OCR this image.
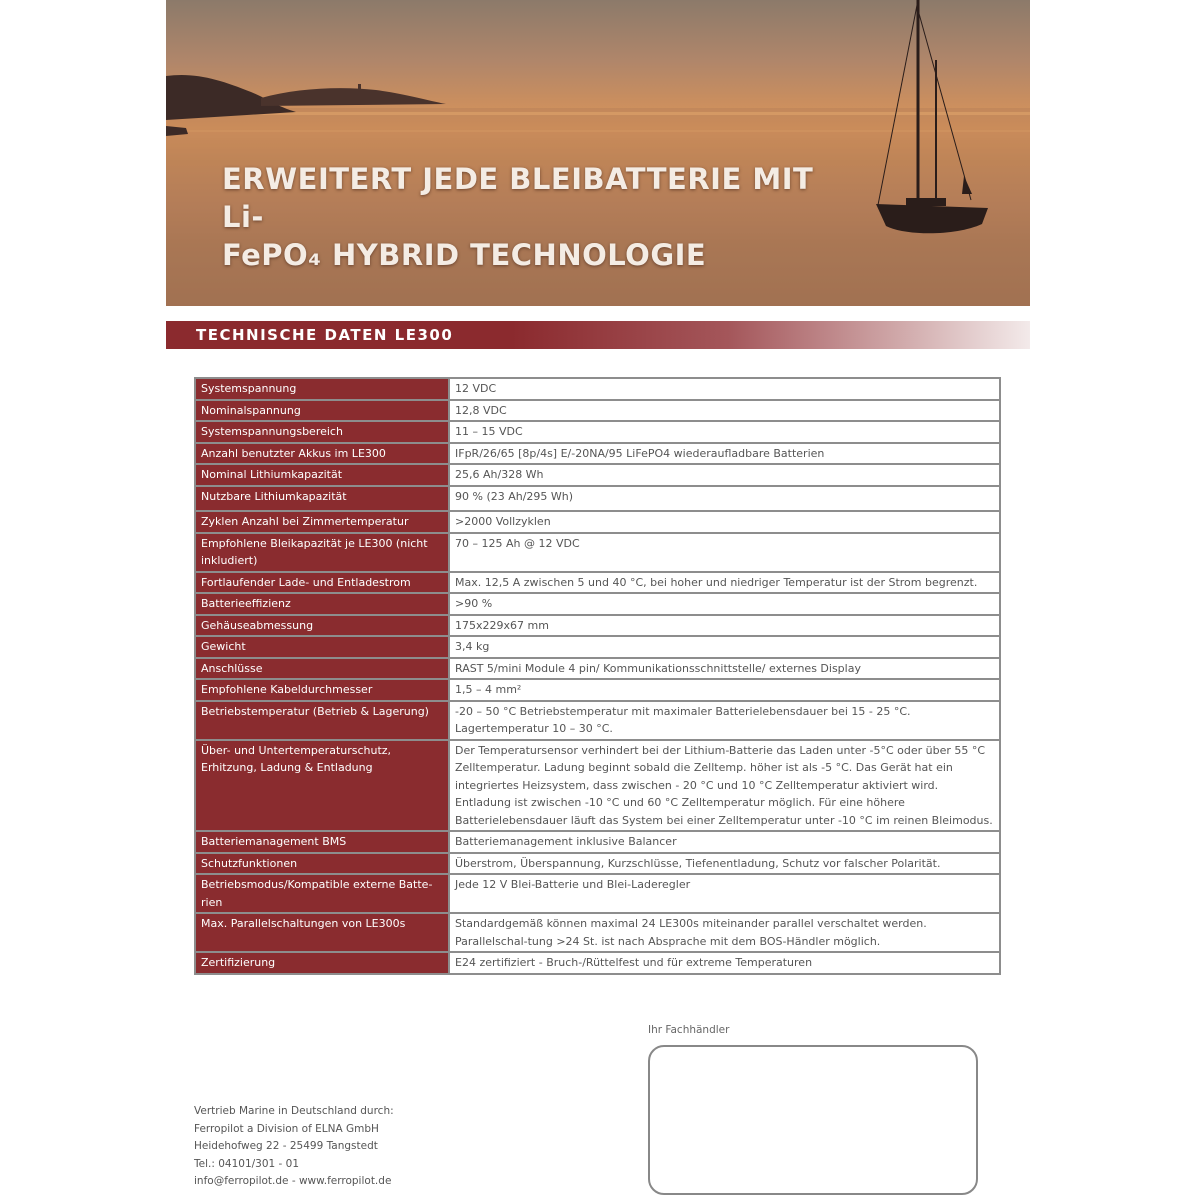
ERWEITERT JEDE BLEIBATTERIE MIT Li-
FePO₄ HYBRID TECHNOLOGIE
TECHNISCHE DATEN LE300
Systemspannung	12 VDC
Nominalspannung	12,8 VDC
Systemspannungsbereich	11 – 15 VDC
Anzahl benutzter Akkus im LE300	IFpR/26/65 [8p/4s] E/-20NA/95 LiFePO4 wiederaufladbare Batterien
Nominal Lithiumkapazität	25,6 Ah/328 Wh
Nutzbare Lithiumkapazität	90 % (23 Ah/295 Wh)
Zyklen Anzahl bei Zimmertemperatur	>2000 Vollzyklen
Empfohlene Bleikapazität je LE300 (nicht inkludiert)	70 – 125 Ah @ 12 VDC
Fortlaufender Lade- und Entladestrom	Max. 12,5 A zwischen 5 und 40 °C, bei hoher und niedriger Temperatur ist der Strom begrenzt.
Batterieeffizienz	>90 %
Gehäuseabmessung	175x229x67 mm
Gewicht	3,4 kg
Anschlüsse	RAST 5/mini Module 4 pin/ Kommunikationsschnittstelle/ externes Display
Empfohlene Kabeldurchmesser	1,5 – 4 mm²
Betriebstemperatur (Betrieb & Lagerung)	-20 – 50 °C Betriebstemperatur mit maximaler Batterielebensdauer bei 15 - 25 °C. Lagertemperatur 10 – 30 °C.
Über- und Untertemperaturschutz, Erhitzung, Ladung & Entladung	Der Temperatursensor verhindert bei der Lithium-Batterie das Laden unter -5°C oder über 55 °C Zelltemperatur. Ladung beginnt sobald die Zelltemp. höher ist als -5 °C. Das Gerät hat ein integriertes Heizsystem, dass zwischen - 20 °C und 10 °C Zelltemperatur aktiviert wird. Entladung ist zwischen -10 °C und 60 °C Zelltemperatur möglich. Für eine höhere Batterielebensdauer läuft das System bei einer Zelltemperatur unter -10 °C im reinen Bleimodus.
Batteriemanagement BMS	Batteriemanagement inklusive Balancer
Schutzfunktionen	Überstrom, Überspannung, Kurzschlüsse, Tiefenentladung, Schutz vor falscher Polarität.
Betriebsmodus/Kompatible externe Batte-rien	Jede 12 V Blei-Batterie und Blei-Laderegler
Max. Parallelschaltungen von LE300s	Standardgemäß können maximal 24 LE300s miteinander parallel verschaltet werden. Parallelschal-tung >24 St. ist nach Absprache mit dem BOS-Händler möglich.
Zertifizierung	E24 zertifiziert - Bruch-/Rüttelfest und für extreme Temperaturen
Ihr Fachhändler
Vertrieb Marine in Deutschland durch:
Ferropilot a Division of ELNA GmbH
Heidehofweg 22 - 25499 Tangstedt
Tel.: 04101/301 - 01
info@ferropilot.de - www.ferropilot.de
